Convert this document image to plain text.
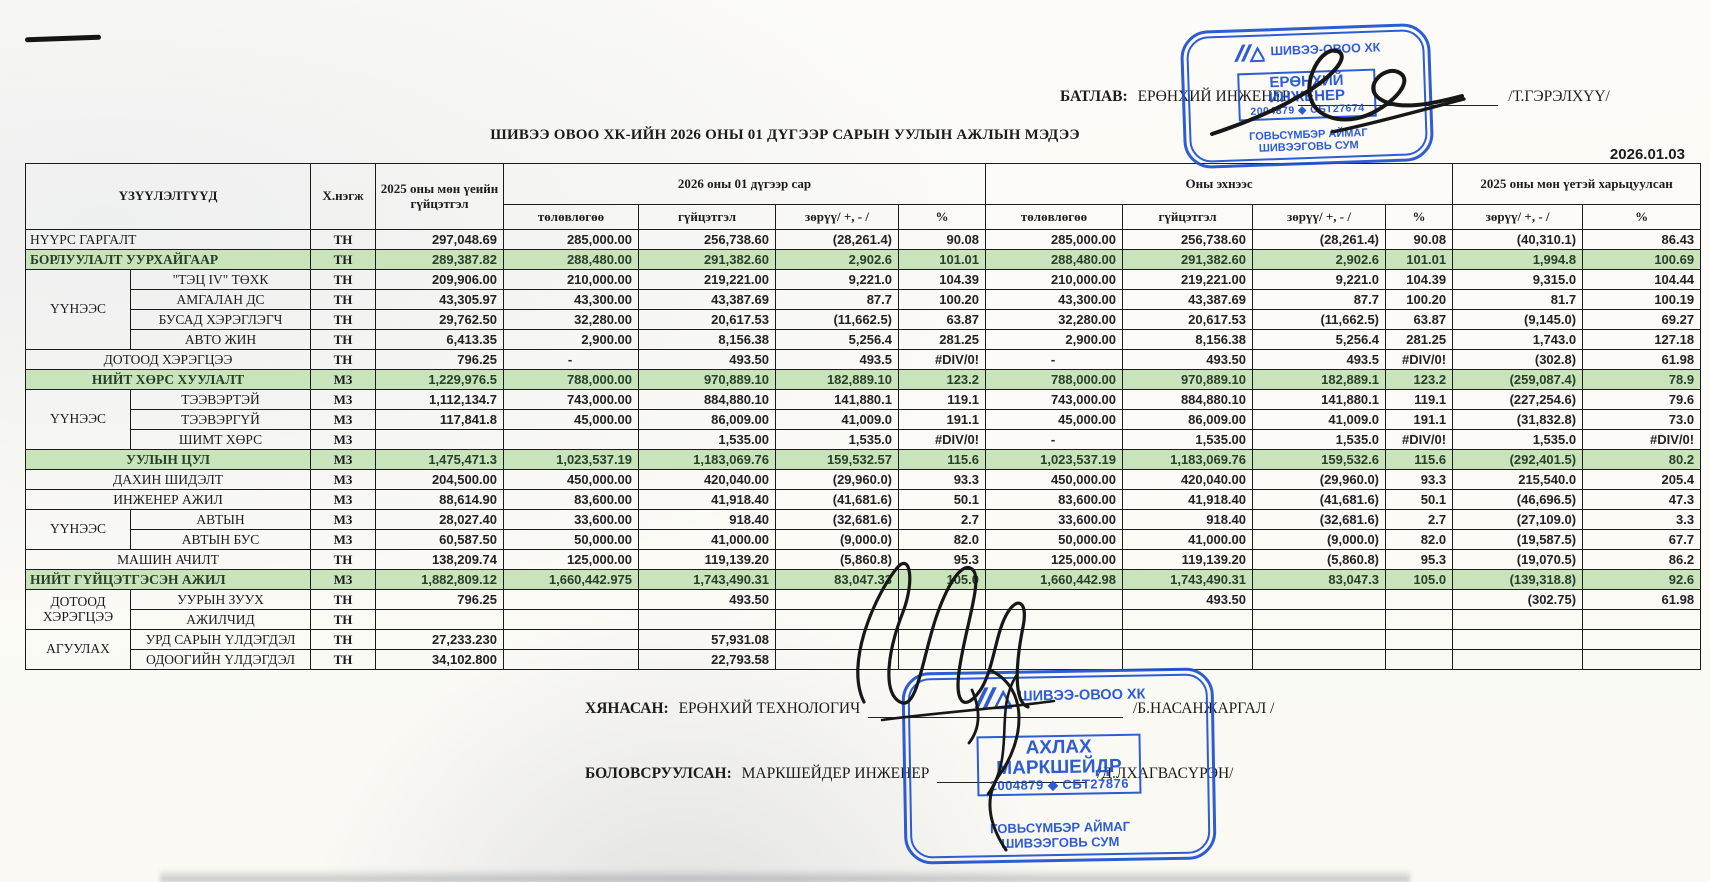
БАТЛАВ: ЕРӨНХИЙ ИНЖЕНЕР	/Т.ГЭРЭЛХҮҮ/
ШИВЭЭ ОВОО ХК-ИЙН 2026 ОНЫ 01 ДҮГЭЭР САРЫН УУЛЫН АЖЛЫН МЭДЭЭ
2026.01.03
ҮЗҮҮЛЭЛТҮҮД		Х.нэгж	2025 оны мөн үеийн гүйцэтгэл	2026 оны 01 дүгээр сар				Оны эхнээс				2025 оны мөн үетэй харьцуулсан	
				төлөвлөгөө	гүйцэтгэл	зөрүү/ +, - /	%	төлөвлөгөө	гүйцэтгэл	зөрүү/ +, - /	%	зөрүү/ +, - /	%
НҮҮРС ГАРГАЛТ		ТН	297,048.69	285,000.00	256,738.60	(28,261.4)	90.08	285,000.00	256,738.60	(28,261.4)	90.08	(40,310.1)	86.43
БОРЛУУЛАЛТ УУРХАЙГААР		ТН	289,387.82	288,480.00	291,382.60	2,902.6	101.01	288,480.00	291,382.60	2,902.6	101.01	1,994.8	100.69
ҮҮНЭЭС	"ТЭЦ IV" ТӨХК	ТН	209,906.00	210,000.00	219,221.00	9,221.0	104.39	210,000.00	219,221.00	9,221.0	104.39	9,315.0	104.44
	АМГАЛАН ДС	ТН	43,305.97	43,300.00	43,387.69	87.7	100.20	43,300.00	43,387.69	87.7	100.20	81.7	100.19
	БУСАД ХЭРЭГЛЭГЧ	ТН	29,762.50	32,280.00	20,617.53	(11,662.5)	63.87	32,280.00	20,617.53	(11,662.5)	63.87	(9,145.0)	69.27
	АВТО ЖИН	ТН	6,413.35	2,900.00	8,156.38	5,256.4	281.25	2,900.00	8,156.38	5,256.4	281.25	1,743.0	127.18
ДОТООД ХЭРЭГЦЭЭ		ТН	796.25	-	493.50	493.5	#DIV/0!	-	493.50	493.5	#DIV/0!	(302.8)	61.98
НИЙТ ХӨРС ХУУЛАЛТ		М3	1,229,976.5	788,000.00	970,889.10	182,889.10	123.2	788,000.00	970,889.10	182,889.1	123.2	(259,087.4)	78.9
ҮҮНЭЭС	ТЭЭВЭРТЭЙ	М3	1,112,134.7	743,000.00	884,880.10	141,880.1	119.1	743,000.00	884,880.10	141,880.1	119.1	(227,254.6)	79.6
	ТЭЭВЭРГҮЙ	М3	117,841.8	45,000.00	86,009.00	41,009.0	191.1	45,000.00	86,009.00	41,009.0	191.1	(31,832.8)	73.0
	ШИМТ ХӨРС	М3			1,535.00	1,535.0	#DIV/0!	-	1,535.00	1,535.0	#DIV/0!	1,535.0	#DIV/0!
УУЛЫН ЦУЛ		М3	1,475,471.3	1,023,537.19	1,183,069.76	159,532.57	115.6	1,023,537.19	1,183,069.76	159,532.6	115.6	(292,401.5)	80.2
ДАХИН ШИДЭЛТ		М3	204,500.00	450,000.00	420,040.00	(29,960.0)	93.3	450,000.00	420,040.00	(29,960.0)	93.3	215,540.0	205.4
ИНЖЕНЕР АЖИЛ		М3	88,614.90	83,600.00	41,918.40	(41,681.6)	50.1	83,600.00	41,918.40	(41,681.6)	50.1	(46,696.5)	47.3
ҮҮНЭЭС	АВТЫН	М3	28,027.40	33,600.00	918.40	(32,681.6)	2.7	33,600.00	918.40	(32,681.6)	2.7	(27,109.0)	3.3
	АВТЫН БУС	М3	60,587.50	50,000.00	41,000.00	(9,000.0)	82.0	50,000.00	41,000.00	(9,000.0)	82.0	(19,587.5)	67.7
МАШИН АЧИЛТ		ТН	138,209.74	125,000.00	119,139.20	(5,860.8)	95.3	125,000.00	119,139.20	(5,860.8)	95.3	(19,070.5)	86.2
НИЙТ ГҮЙЦЭТГЭСЭН АЖИЛ		М3	1,882,809.12	1,660,442.975	1,743,490.31	83,047.33	105.0	1,660,442.98	1,743,490.31	83,047.3	105.0	(139,318.8)	92.6
ДОТООД ХЭРЭГЦЭЭ	УУРЫН ЗУУХ	ТН	796.25		493.50				493.50			(302.75)	61.98
	АЖИЛЧИД	ТН											
АГУУЛАХ	УРД САРЫН ҮЛДЭГДЭЛ	ТН	27,233.230		57,931.08								
	ОДООГИЙН ҮЛДЭГДЭЛ	ТН	34,102.800		22,793.58								
ХЯНАСАН: ЕРӨНХИЙ ТЕХНОЛОГИЧ	/Б.НАСАНЖАРГАЛ /
БОЛОВСРУУЛСАН: МАРКШЕЙДЕР ИНЖЕНЕР	/Д.ЛХАГВАСҮРЭН/
ШИВЭЭ-ОВОО ХК
ЕРӨНХИЙ
ИНЖЕНЕР
2004879 ◆ СБТ27674
ГОВЬСҮМБЭР АЙМАГ
ШИВЭЭГОВЬ СУМ
ШИВЭЭ-ОВОО ХК
АХЛАХ
МАРКШЕЙДР
2004879 ◆ СБТ27876
ГОВЬСҮМБЭР АЙМАГ
ШИВЭЭГОВЬ СУМ
